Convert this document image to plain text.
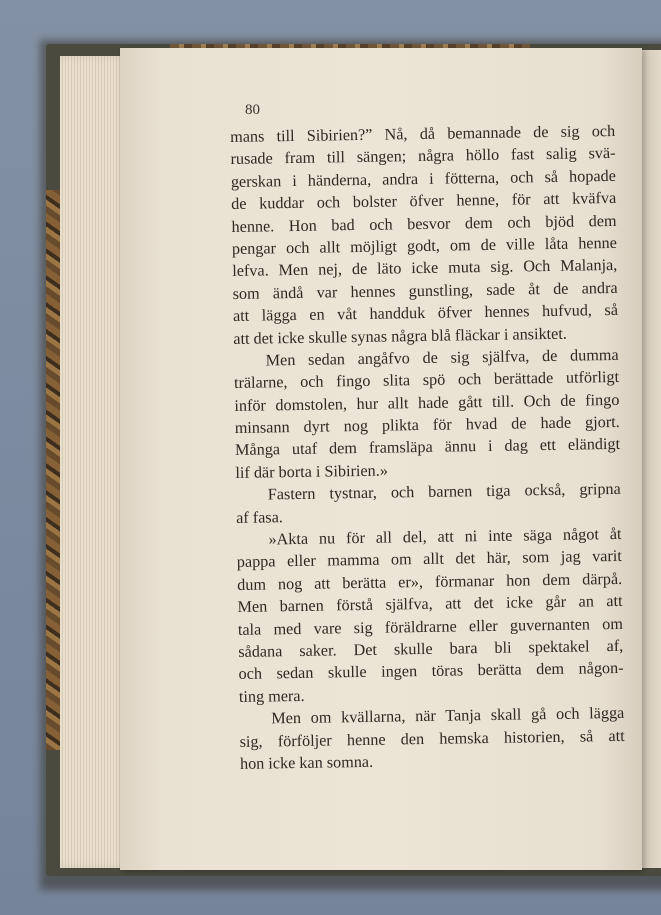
80
mans till Sibirien?” Nå, då bemannade de sig och
rusade fram till sängen; några höllo fast salig svä-
gerskan i händerna, andra i fötterna, och så hopade
de kuddar och bolster öfver henne, för att kväfva
henne. Hon bad och besvor dem och bjöd dem
pengar och allt möjligt godt, om de ville låta henne
lefva. Men nej, de läto icke muta sig. Och Malanja,
som ändå var hennes gunstling, sade åt de andra
att lägga en våt handduk öfver hennes hufvud, så
att det icke skulle synas några blå fläckar i ansiktet.
Men sedan angåfvo de sig själfva, de dumma
trälarne, och fingo slita spö och berättade utförligt
inför domstolen, hur allt hade gått till. Och de fingo
minsann dyrt nog plikta för hvad de hade gjort.
Många utaf dem framsläpa ännu i dag ett eländigt
lif där borta i Sibirien.»
Fastern tystnar, och barnen tiga också, gripna
af fasa.
»Akta nu för all del, att ni inte säga något åt
pappa eller mamma om allt det här, som jag varit
dum nog att berätta er», förmanar hon dem därpå.
Men barnen förstå själfva, att det icke går an att
tala med vare sig föräldrarne eller guvernanten om
sådana saker. Det skulle bara bli spektakel af,
och sedan skulle ingen töras berätta dem någon-
ting mera.
Men om kvällarna, när Tanja skall gå och lägga
sig, förföljer henne den hemska historien, så att
hon icke kan somna.
